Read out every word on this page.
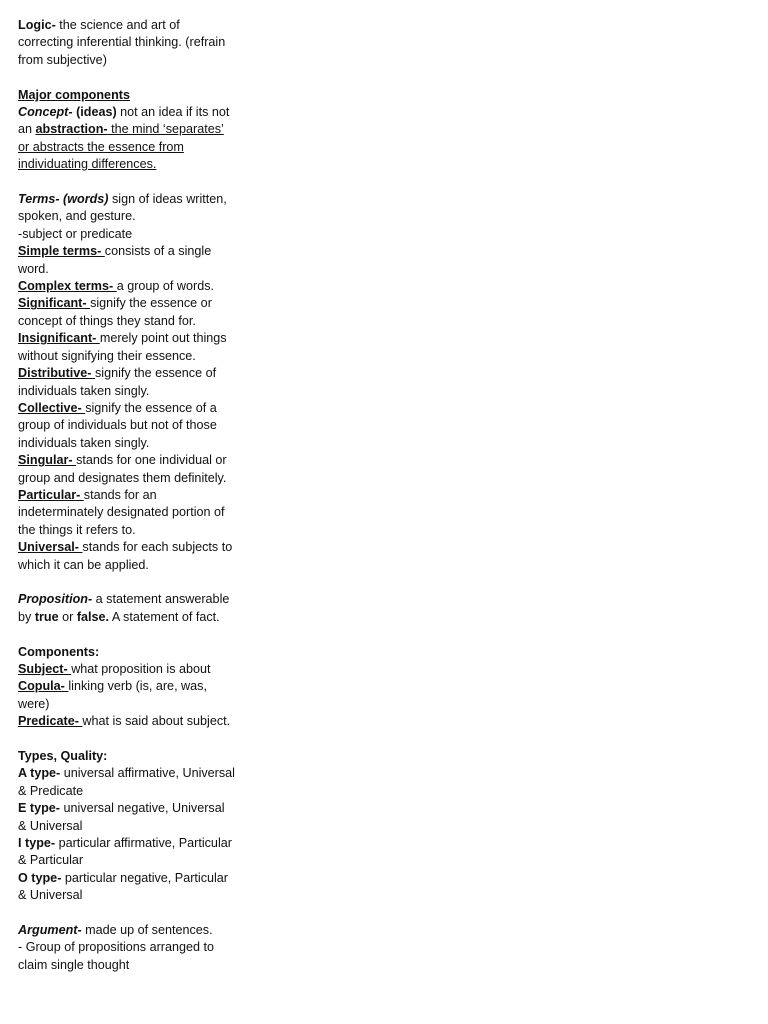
Logic- the science and art of correcting inferential thinking. (refrain from subjective)

Major components

Concept- (ideas) not an idea if its not an abstraction- the mind ‘separates’ or abstracts the essence from individuating differences.

Terms- (words) sign of ideas written, spoken, and gesture.

-subject or predicate

Simple terms- consists of a single word.

Complex terms- a group of words.

Significant- signify the essence or concept of things they stand for.

Insignificant- merely point out things without signifying their essence.

Distributive- signify the essence of individuals taken singly.

Collective- signify the essence of a group of individuals but not of those individuals taken singly.

Singular- stands for one individual or group and designates them definitely.

Particular- stands for an indeterminately designated portion of the things it refers to.

Universal- stands for each subjects to which it can be applied.

Proposition- a statement answerable by true or false. A statement of fact.

Components:

Subject- what proposition is about

Copula- linking verb (is, are, was, were)

Predicate- what is said about subject.

Types, Quality:

A type- universal affirmative, Universal & Predicate

E type- universal negative, Universal & Universal

I type- particular affirmative, Particular & Particular

O type- particular negative, Particular & Universal

Argument- made up of sentences.

- Group of propositions arranged to claim single thought
